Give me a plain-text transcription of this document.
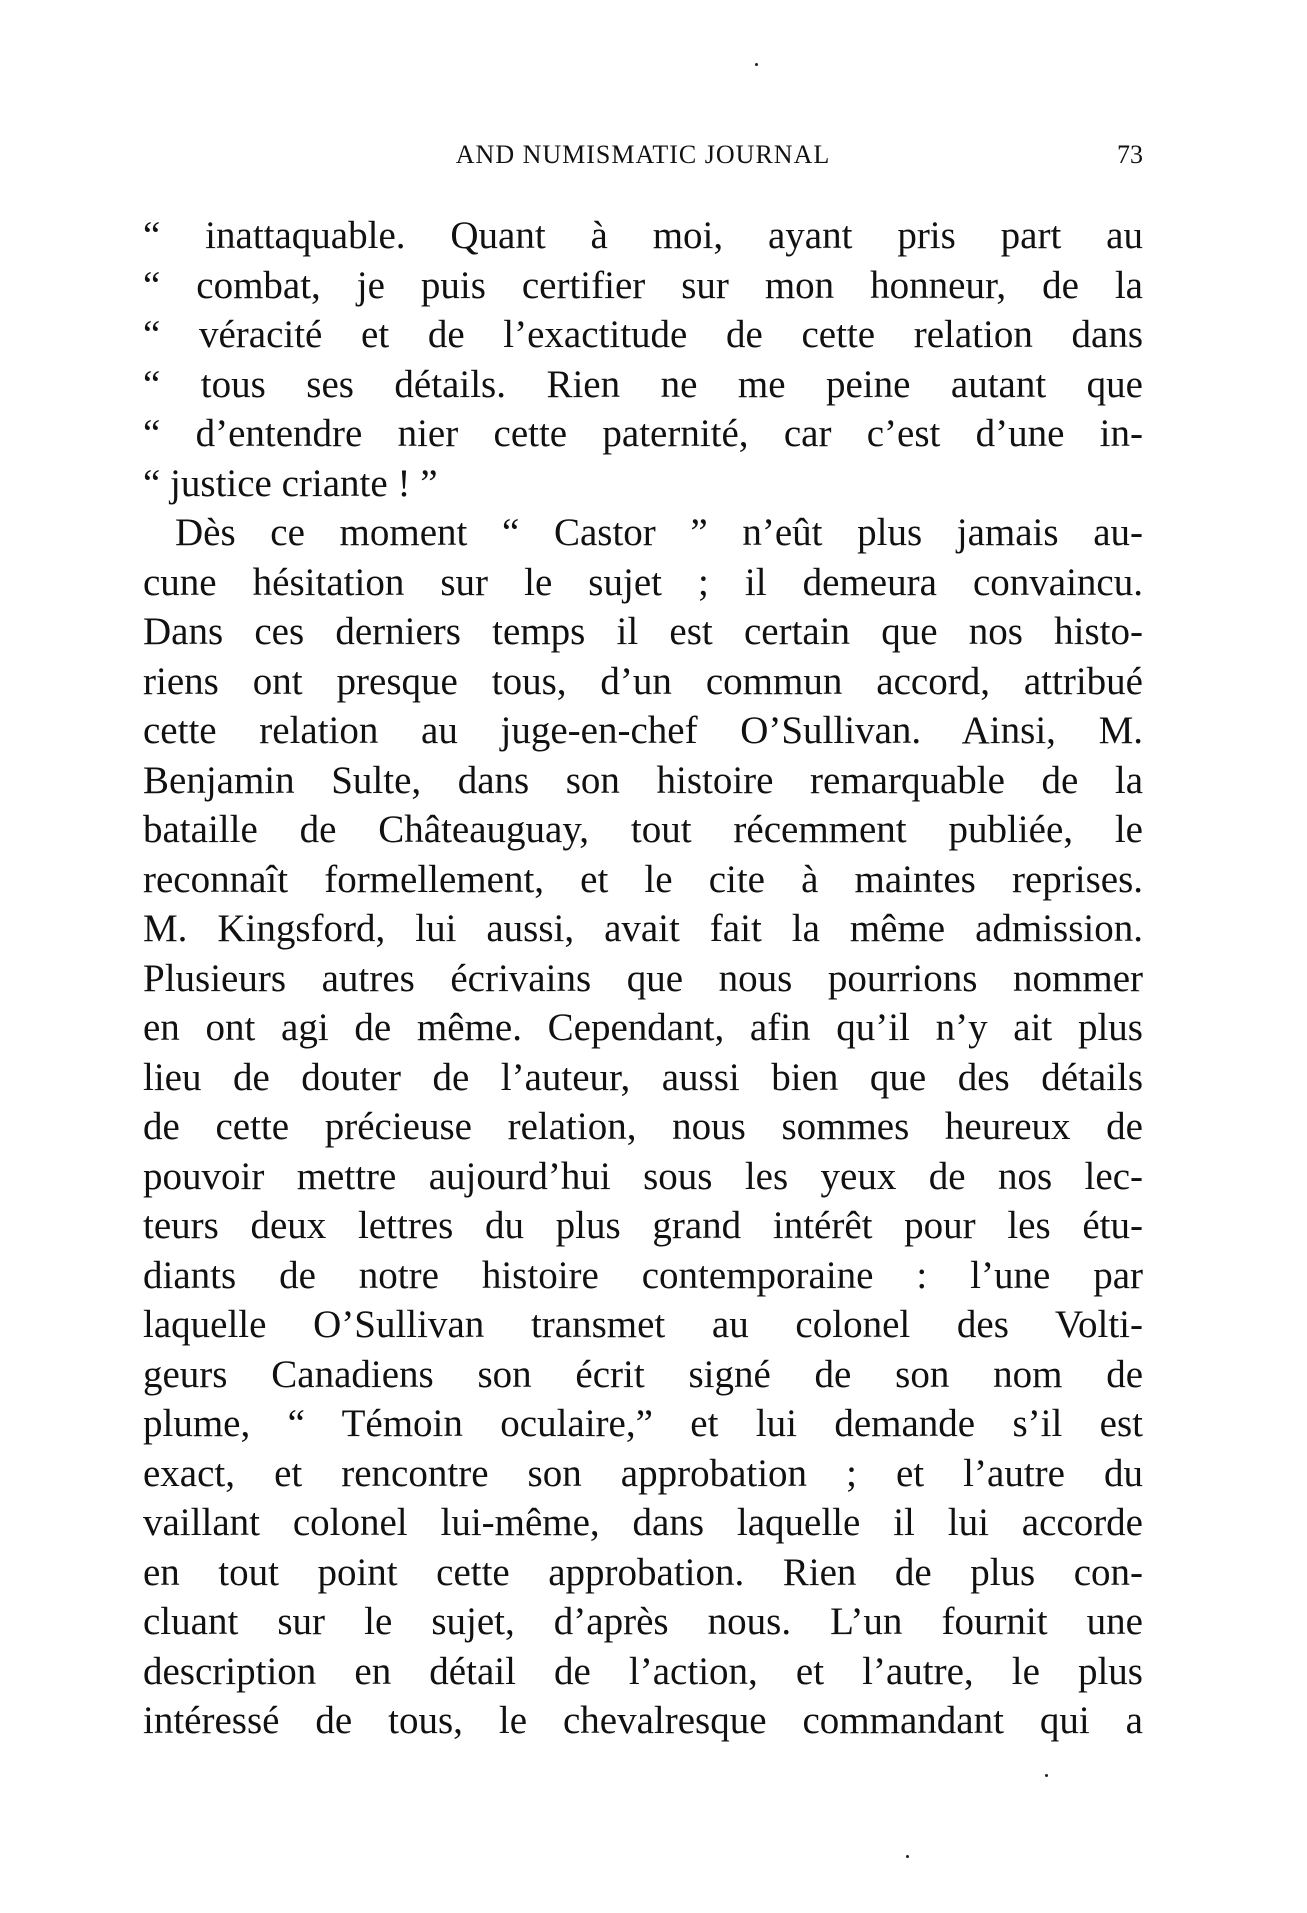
AND NUMISMATIC JOURNAL	73
“ inattaquable. Quant à moi, ayant pris part au
“ combat, je puis certifier sur mon honneur, de la
“ véracité et de l’exactitude de cette relation dans
“ tous ses détails. Rien ne me peine autant que
“ d’entendre nier cette paternité, car c’est d’une in-
“ justice criante ! ”
Dès ce moment “ Castor ” n’eût plus jamais au-
cune hésitation sur le sujet ; il demeura convaincu.
Dans ces derniers temps il est certain que nos histo-
riens ont presque tous, d’un commun accord, attribué
cette relation au juge-en-chef O’Sullivan. Ainsi, M.
Benjamin Sulte, dans son histoire remarquable de la
bataille de Châteauguay, tout récemment publiée, le
reconnaît formellement, et le cite à maintes reprises.
M. Kingsford, lui aussi, avait fait la même admission.
Plusieurs autres écrivains que nous pourrions nommer
en ont agi de même. Cependant, afin qu’il n’y ait plus
lieu de douter de l’auteur, aussi bien que des détails
de cette précieuse relation, nous sommes heureux de
pouvoir mettre aujourd’hui sous les yeux de nos lec-
teurs deux lettres du plus grand intérêt pour les étu-
diants de notre histoire contemporaine : l’une par
laquelle O’Sullivan transmet au colonel des Volti-
geurs Canadiens son écrit signé de son nom de
plume, “ Témoin oculaire,” et lui demande s’il est
exact, et rencontre son approbation ; et l’autre du
vaillant colonel lui-même, dans laquelle il lui accorde
en tout point cette approbation. Rien de plus con-
cluant sur le sujet, d’après nous. L’un fournit une
description en détail de l’action, et l’autre, le plus
intéressé de tous, le chevalresque commandant qui a
